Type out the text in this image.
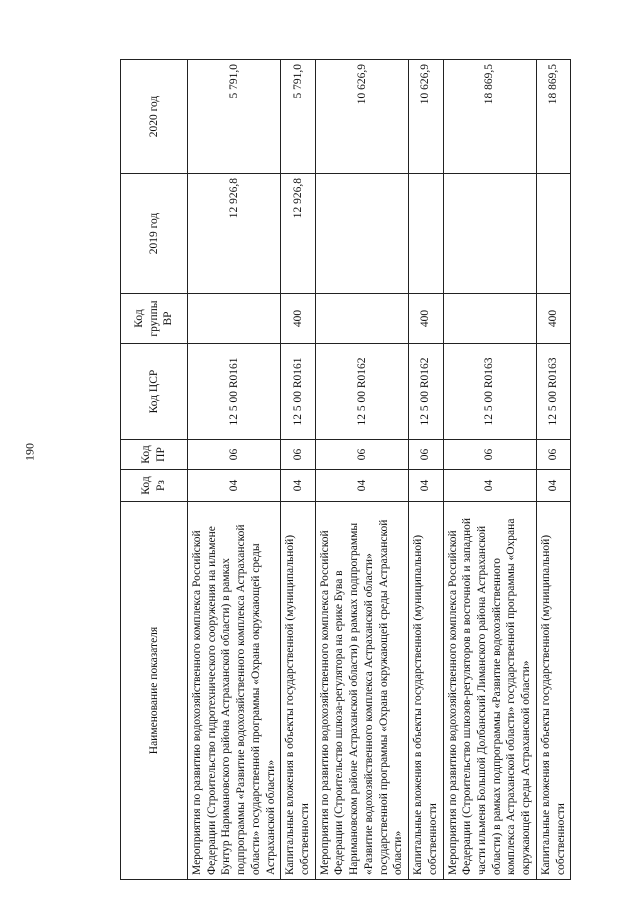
190
Наименование показателя	Код Рз	Код ПР	Код ЦСР	Код группы ВР	2019 год	2020 год
Мероприятия по развитию водохозяйственного комплекса Российской Федерации (Строительство гидротехнического сооружения на ильмене Бунтур Наримановского района Астраханской области) в рамках подпрограммы «Развитие водохозяйственного комплекса Астраханской области» государственной программы «Охрана окружающей среды Астраханской области»	04	06	12 5 00 R0161		12 926,8	5 791,0
Капитальные вложения в объекты государственной (муниципальной) собственности	04	06	12 5 00 R0161	400	12 926,8	5 791,0
Мероприятия по развитию водохозяйственного комплекса Российской Федерации (Строительство шлюза-регулятора на ерике Бува в Наримановском районе Астраханской области) в рамках подпрограммы «Развитие водохозяйственного комплекса Астраханской области» государственной программы «Охрана окружающей среды Астраханской области»	04	06	12 5 00 R0162			10 626,9
Капитальные вложения в объекты государственной (муниципальной) собственности	04	06	12 5 00 R0162	400		10 626,9
Мероприятия по развитию водохозяйственного комплекса Российской Федерации (Строительство шлюзов-регуляторов в восточной и западной части ильменя Большой Долбанский Лиманского района Астраханской области) в рамках подпрограммы «Развитие водохозяйственного комплекса Астраханской области» государственной программы «Охрана окружающей среды Астраханской области»	04	06	12 5 00 R0163			18 869,5
Капитальные вложения в объекты государственной (муниципальной) собственности	04	06	12 5 00 R0163	400		18 869,5
